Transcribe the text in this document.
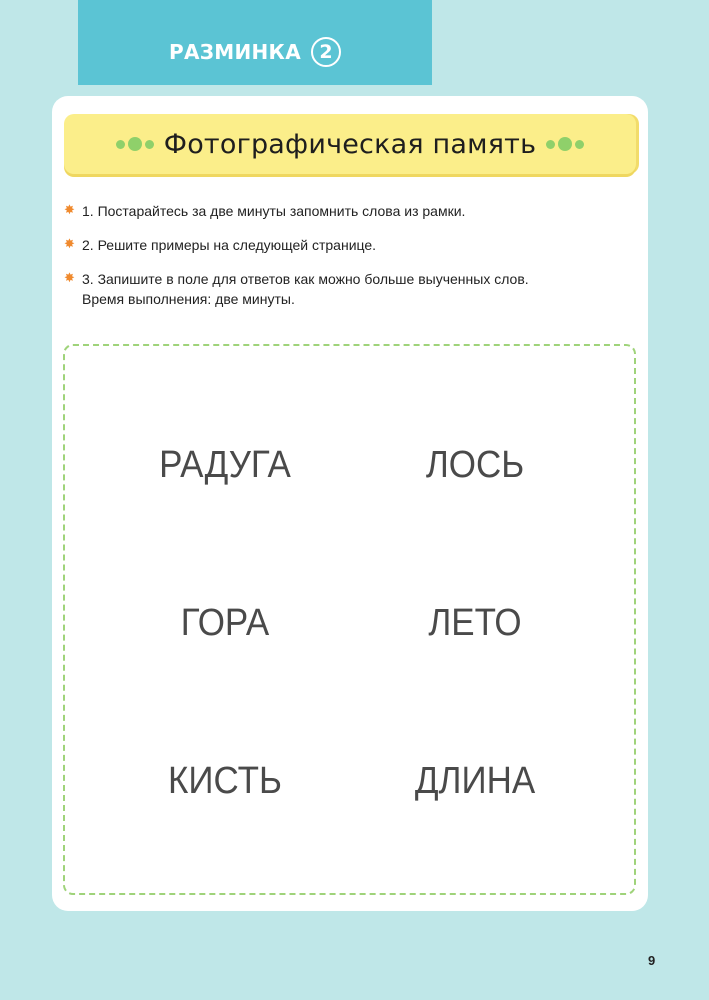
РАЗМИНКА 2
Фотографическая память
✸ 1. Постарайтесь за две минуты запомнить слова из рамки.
✸ 2. Решите примеры на следующей странице.
✸ 3. Запишите в поле для ответов как можно больше выученных слов.
Время выполнения: две минуты.
РАДУГА	ЛОСЬ
ГОРА	ЛЕТО
КИСТЬ	ДЛИНА
9
